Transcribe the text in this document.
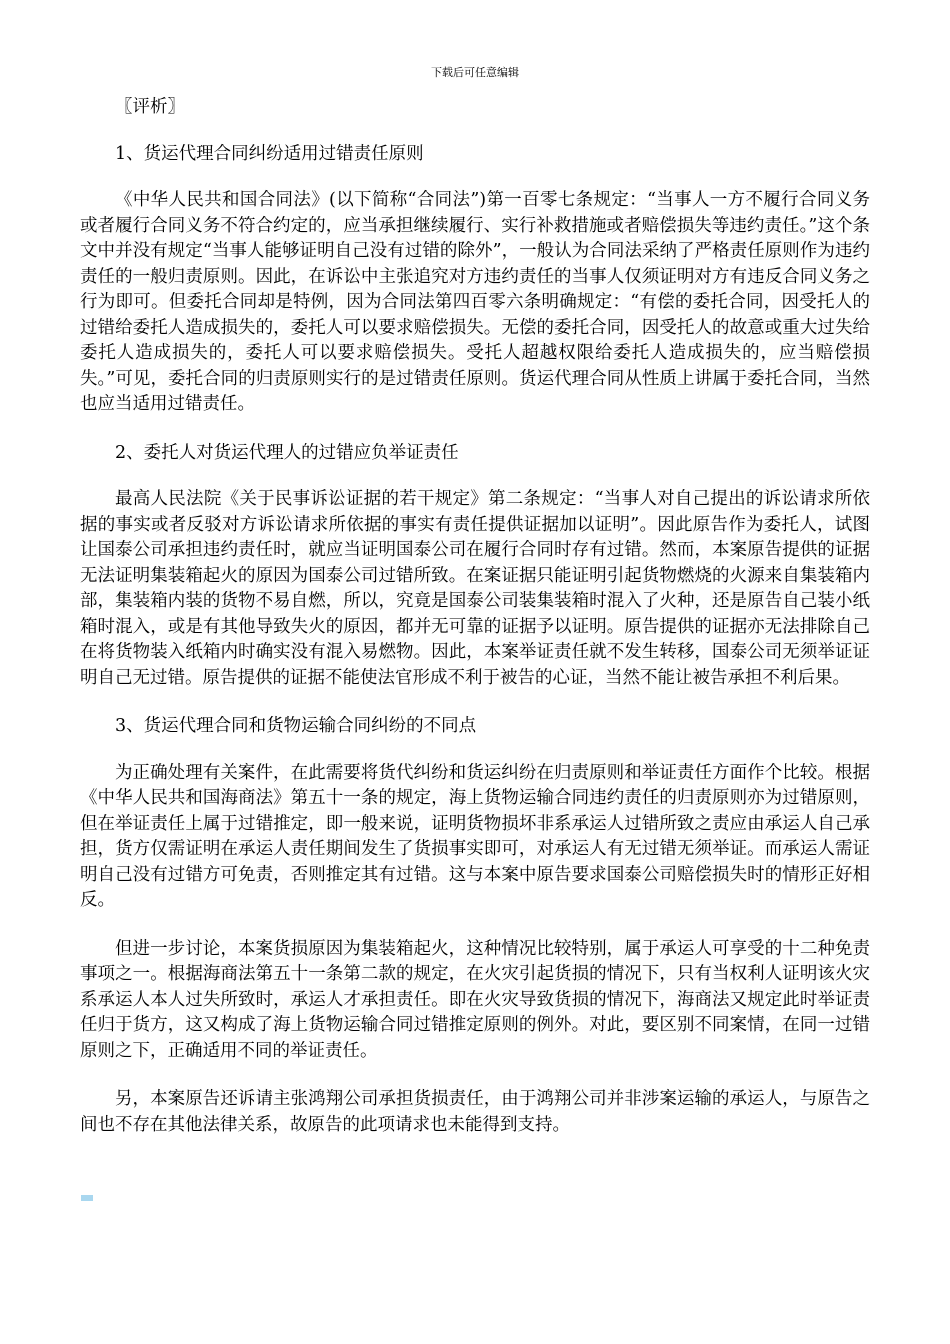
下载后可任意编辑

〖评析〗

1、货运代理合同纠纷适用过错责任原则

《中华人民共和国合同法》(以下简称“合同法”)第一百零七条规定：“当事人一方不履行合同义务或者履行合同义务不符合约定的，应当承担继续履行、实行补救措施或者赔偿损失等违约责任。”这个条文中并没有规定“当事人能够证明自己没有过错的除外”，一般认为合同法采纳了严格责任原则作为违约责任的一般归责原则。因此，在诉讼中主张追究对方违约责任的当事人仅须证明对方有违反合同义务之行为即可。但委托合同却是特例，因为合同法第四百零六条明确规定：“有偿的委托合同，因受托人的过错给委托人造成损失的，委托人可以要求赔偿损失。无偿的委托合同，因受托人的故意或重大过失给委托人造成损失的，委托人可以要求赔偿损失。受托人超越权限给委托人造成损失的，应当赔偿损失。”可见，委托合同的归责原则实行的是过错责任原则。货运代理合同从性质上讲属于委托合同，当然也应当适用过错责任。

2、委托人对货运代理人的过错应负举证责任

最高人民法院《关于民事诉讼证据的若干规定》第二条规定：“当事人对自己提出的诉讼请求所依据的事实或者反驳对方诉讼请求所依据的事实有责任提供证据加以证明”。因此原告作为委托人，试图让国泰公司承担违约责任时，就应当证明国泰公司在履行合同时存有过错。然而，本案原告提供的证据无法证明集装箱起火的原因为国泰公司过错所致。在案证据只能证明引起货物燃烧的火源来自集装箱内部，集装箱内装的货物不易自燃，所以，究竟是国泰公司装集装箱时混入了火种，还是原告自己装小纸箱时混入，或是有其他导致失火的原因，都并无可靠的证据予以证明。原告提供的证据亦无法排除自己在将货物装入纸箱内时确实没有混入易燃物。因此，本案举证责任就不发生转移，国泰公司无须举证证明自己无过错。原告提供的证据不能使法官形成不利于被告的心证，当然不能让被告承担不利后果。

3、货运代理合同和货物运输合同纠纷的不同点

为正确处理有关案件，在此需要将货代纠纷和货运纠纷在归责原则和举证责任方面作个比较。根据《中华人民共和国海商法》第五十一条的规定，海上货物运输合同违约责任的归责原则亦为过错原则，但在举证责任上属于过错推定，即一般来说，证明货物损坏非系承运人过错所致之责应由承运人自己承担，货方仅需证明在承运人责任期间发生了货损事实即可，对承运人有无过错无须举证。而承运人需证明自己没有过错方可免责，否则推定其有过错。这与本案中原告要求国泰公司赔偿损失时的情形正好相反。

但进一步讨论，本案货损原因为集装箱起火，这种情况比较特别，属于承运人可享受的十二种免责事项之一。根据海商法第五十一条第二款的规定，在火灾引起货损的情况下，只有当权利人证明该火灾系承运人本人过失所致时，承运人才承担责任。即在火灾导致货损的情况下，海商法又规定此时举证责任归于货方，这又构成了海上货物运输合同过错推定原则的例外。对此，要区别不同案情，在同一过错原则之下，正确适用不同的举证责任。

另，本案原告还诉请主张鸿翔公司承担货损责任，由于鸿翔公司并非涉案运输的承运人，与原告之间也不存在其他法律关系，故原告的此项请求也未能得到支持。
